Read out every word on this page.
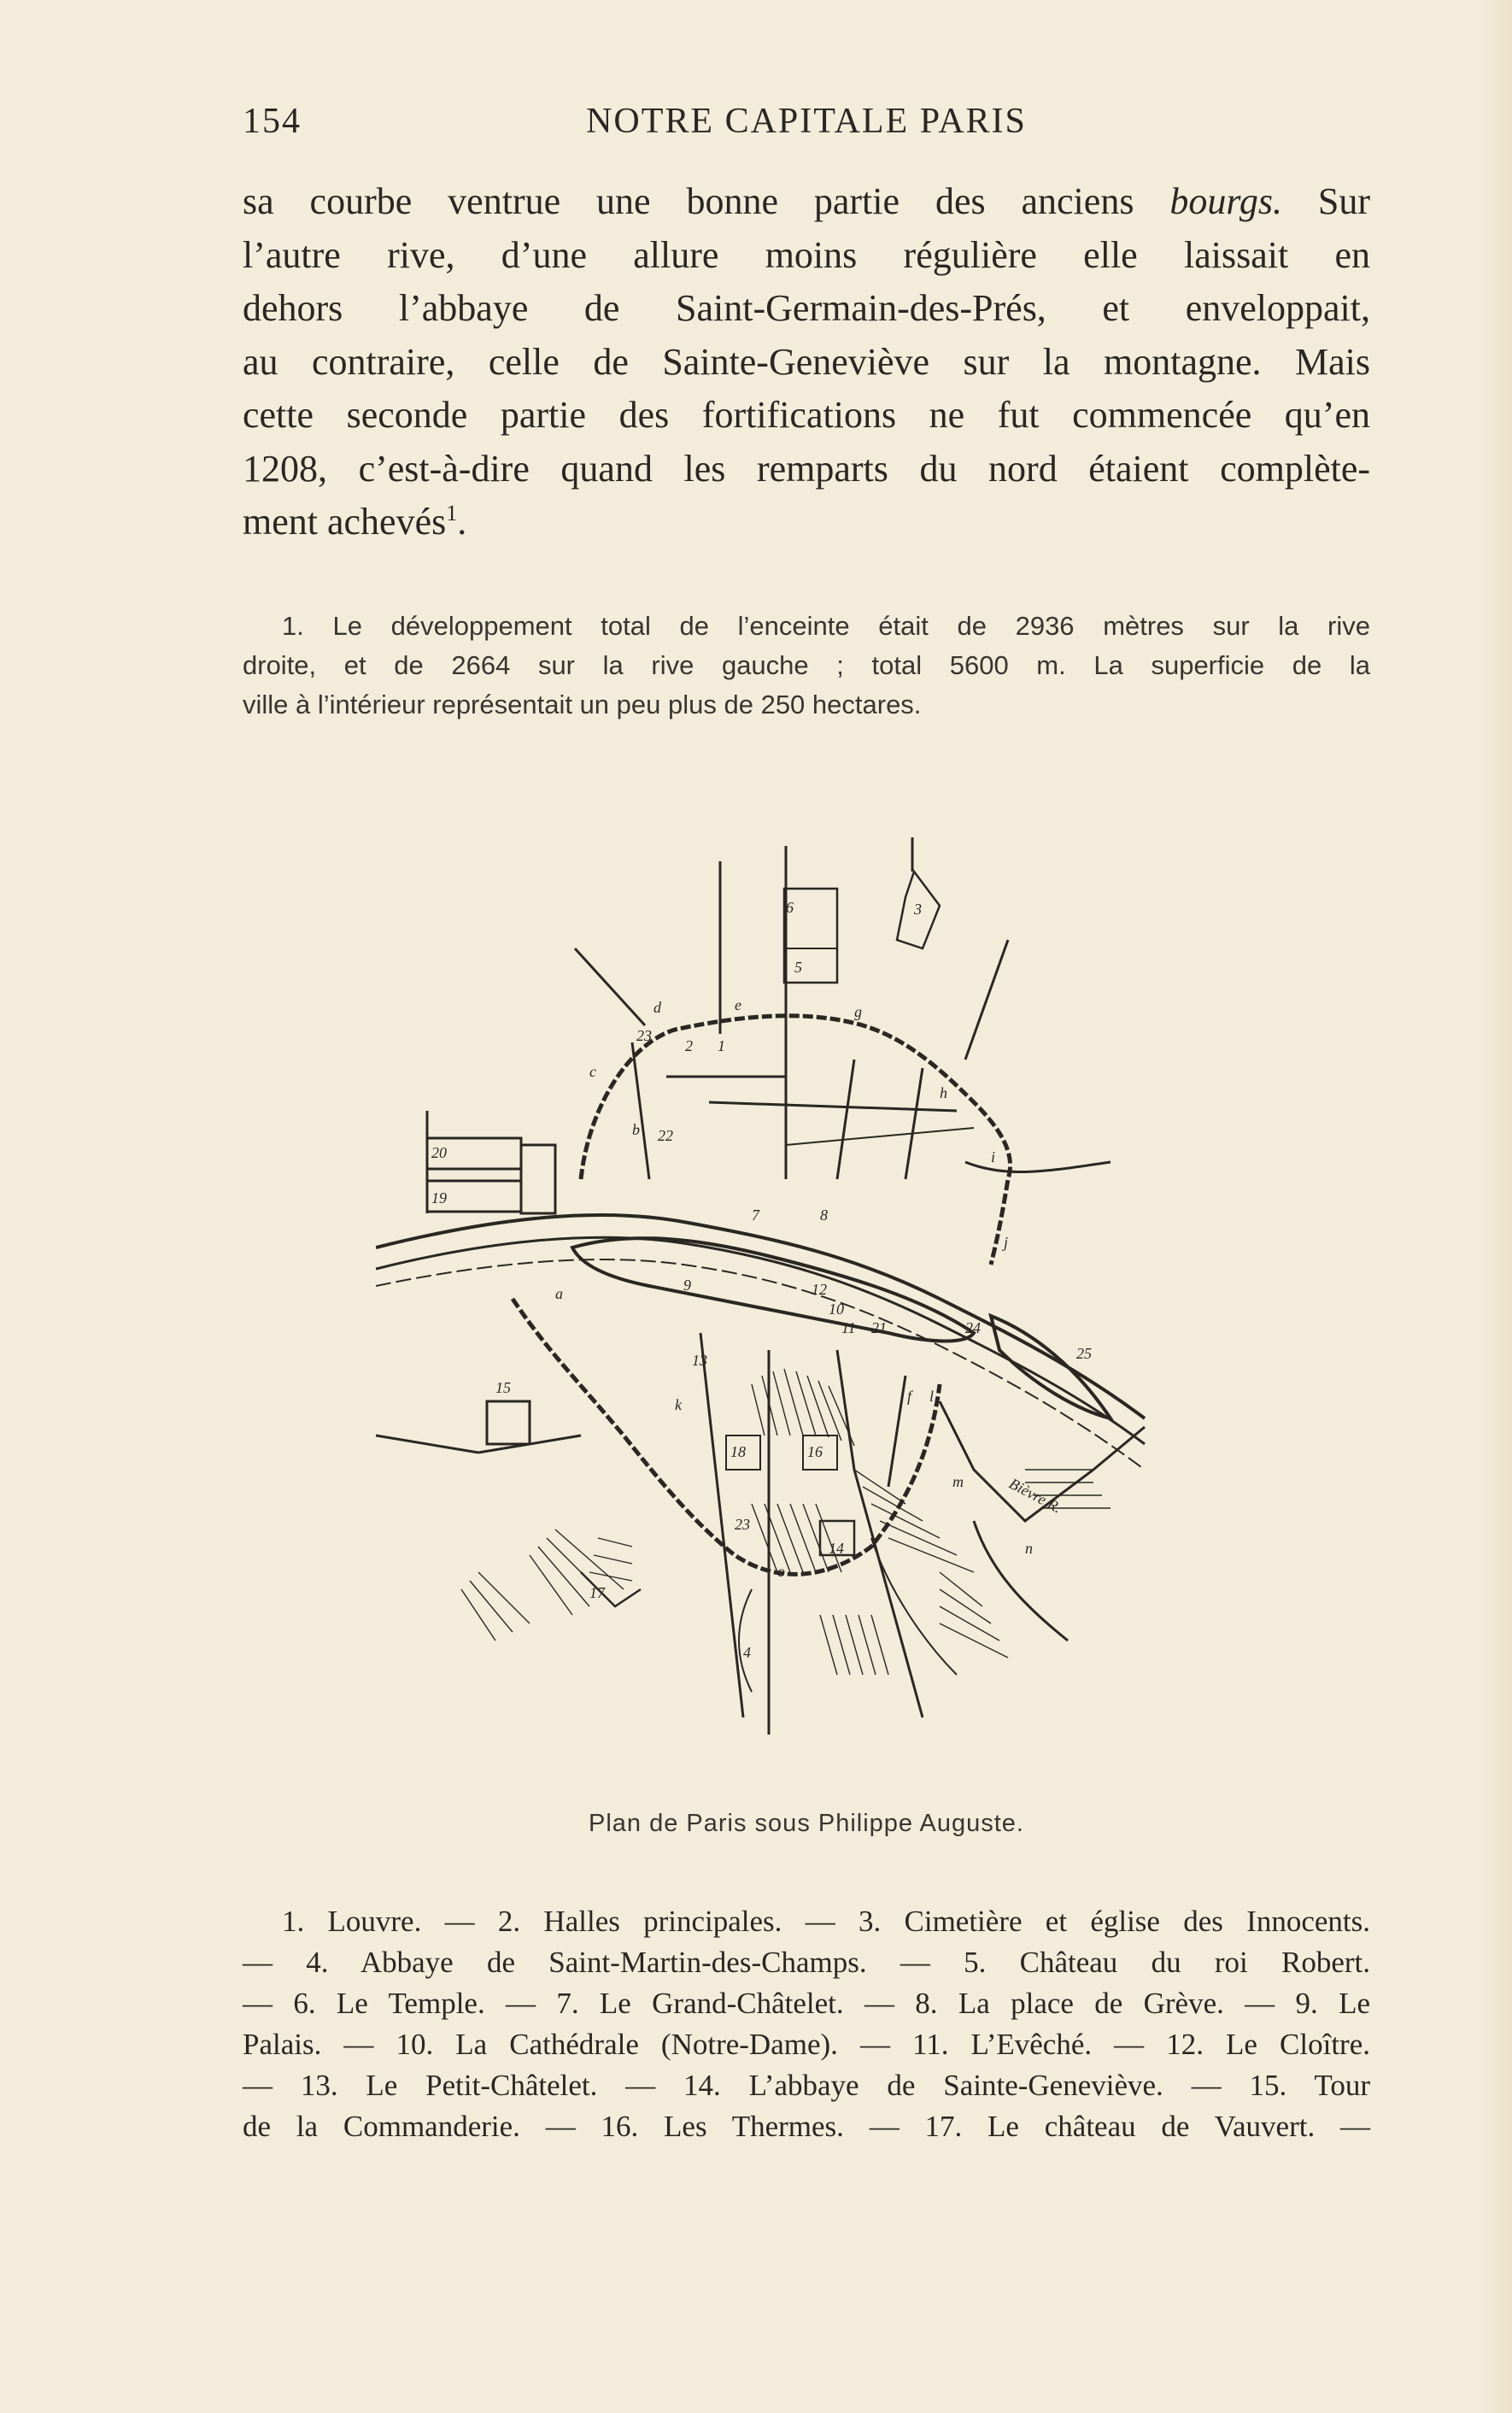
154	NOTRE CAPITALE PARIS
sa courbe ventrue une bonne partie des anciens bourgs. Sur
l’autre rive, d’une allure moins régulière elle laissait en
dehors l’abbaye de Saint-Germain-des-Prés, et enveloppait,
au contraire, celle de Sainte-Geneviève sur la montagne. Mais
cette seconde partie des fortifications ne fut commencée qu’en
1208, c’est-à-dire quand les remparts du nord étaient complète-
ment achevés$^1$.
1. Le développement total de l’enceinte était de 2936 mètres sur la rive
droite, et de 2664 sur la rive gauche ; total 5600 m. La superficie de la
ville à l’intérieur représentait un peu plus de 250 hectares.
23
22
20
19
7	8
9	12
10
11	24
25
13
15
18	16
23
14
17
21
6
5
3
2 1
d	e	g
h
i
j
l
m
n
o
b
c
a
k	f
Bièvre R.
4
Plan de Paris sous Philippe Auguste.
1. Louvre. — 2. Halles principales. — 3. Cimetière et église des Innocents.
— 4. Abbaye de Saint-Martin-des-Champs. — 5. Château du roi Robert.
— 6. Le Temple. — 7. Le Grand-Châtelet. — 8. La place de Grève. — 9. Le
Palais. — 10. La Cathédrale (Notre-Dame). — 11. L’Evêché. — 12. Le Cloître.
— 13. Le Petit-Châtelet. — 14. L’abbaye de Sainte-Geneviève. — 15. Tour
de la Commanderie. — 16. Les Thermes. — 17. Le château de Vauvert. —
